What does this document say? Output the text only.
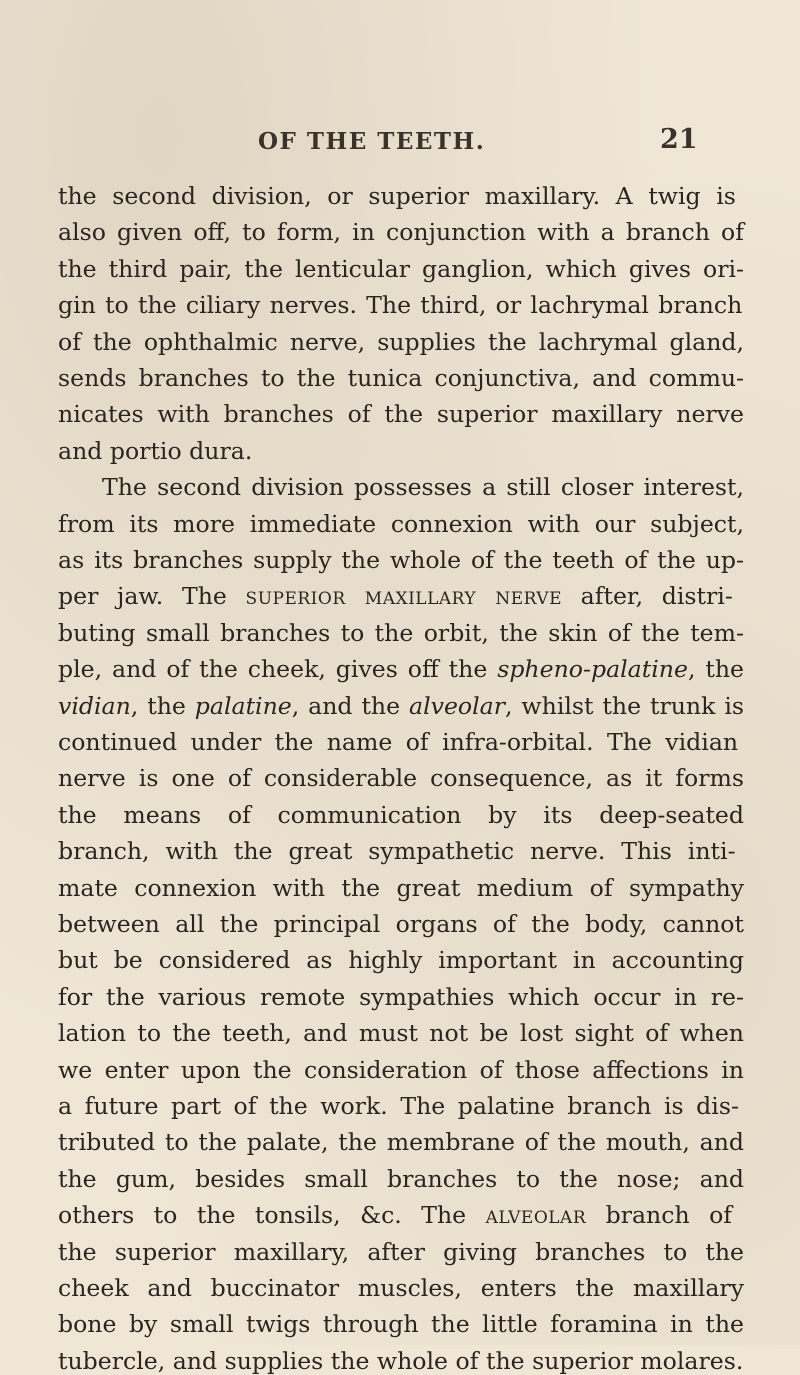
OF THE TEETH.	21
the second division, or superior maxillary. A twig is
also given off, to form, in conjunction with a branch of
the third pair, the lenticular ganglion, which gives ori-
gin to the ciliary nerves. The third, or lachrymal branch
of the ophthalmic nerve, supplies the lachrymal gland,
sends branches to the tunica conjunctiva, and commu-
nicates with branches of the superior maxillary nerve
and portio dura.
The second division possesses a still closer interest,
from its more immediate connexion with our subject,
as its branches supply the whole of the teeth of the up-
per jaw. The superior maxillary nerve after, distri-
buting small branches to the orbit, the skin of the tem-
ple, and of the cheek, gives off the spheno-palatine, the
vidian, the palatine, and the alveolar, whilst the trunk is
continued under the name of infra-orbital. The vidian
nerve is one of considerable consequence, as it forms
the means of communication by its deep-seated
branch, with the great sympathetic nerve. This inti-
mate connexion with the great medium of sympathy
between all the principal organs of the body, cannot
but be considered as highly important in accounting
for the various remote sympathies which occur in re-
lation to the teeth, and must not be lost sight of when
we enter upon the consideration of those affections in
a future part of the work. The palatine branch is dis-
tributed to the palate, the membrane of the mouth, and
the gum, besides small branches to the nose; and
others to the tonsils, &c. The alveolar branch of
the superior maxillary, after giving branches to the
cheek and buccinator muscles, enters the maxillary
bone by small twigs through the little foramina in the
tubercle, and supplies the whole of the superior molares.
